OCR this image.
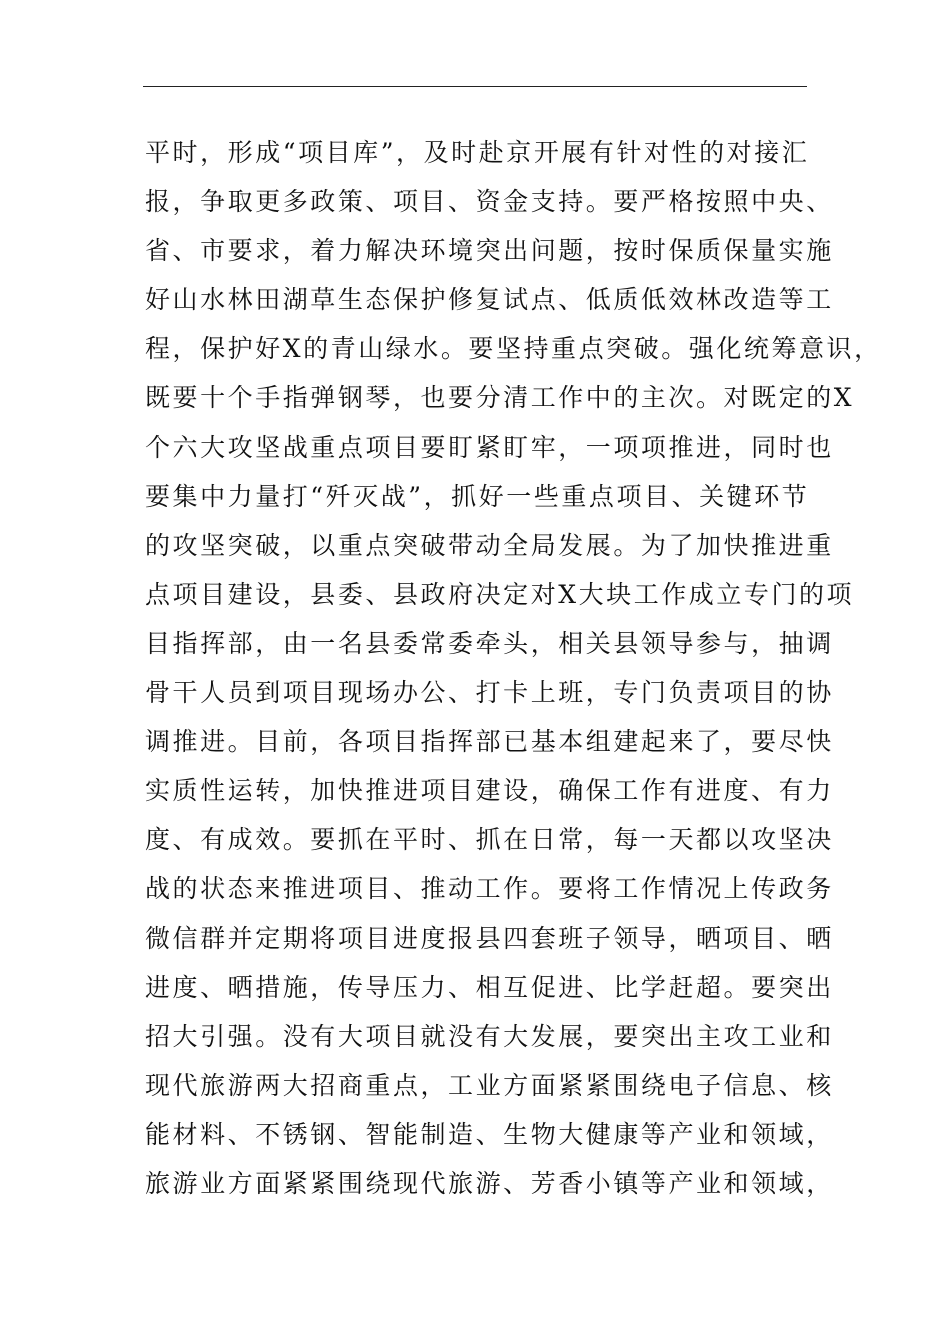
平时，形成“项目库”，及时赴京开展有针对性的对接汇
报，争取更多政策、项目、资金支持。要严格按照中央、
省、市要求，着力解决环境突出问题，按时保质保量实施
好山水林田湖草生态保护修复试点、低质低效林改造等工
程，保护好X的青山绿水。要坚持重点突破。强化统筹意识，
既要十个手指弹钢琴，也要分清工作中的主次。对既定的X
个六大攻坚战重点项目要盯紧盯牢，一项项推进，同时也
要集中力量打“歼灭战”，抓好一些重点项目、关键环节
的攻坚突破，以重点突破带动全局发展。为了加快推进重
点项目建设，县委、县政府决定对X大块工作成立专门的项
目指挥部，由一名县委常委牵头，相关县领导参与，抽调
骨干人员到项目现场办公、打卡上班，专门负责项目的协
调推进。目前，各项目指挥部已基本组建起来了，要尽快
实质性运转，加快推进项目建设，确保工作有进度、有力
度、有成效。要抓在平时、抓在日常，每一天都以攻坚决
战的状态来推进项目、推动工作。要将工作情况上传政务
微信群并定期将项目进度报县四套班子领导，晒项目、晒
进度、晒措施，传导压力、相互促进、比学赶超。要突出
招大引强。没有大项目就没有大发展，要突出主攻工业和
现代旅游两大招商重点，工业方面紧紧围绕电子信息、核
能材料、不锈钢、智能制造、生物大健康等产业和领域，
旅游业方面紧紧围绕现代旅游、芳香小镇等产业和领域，
